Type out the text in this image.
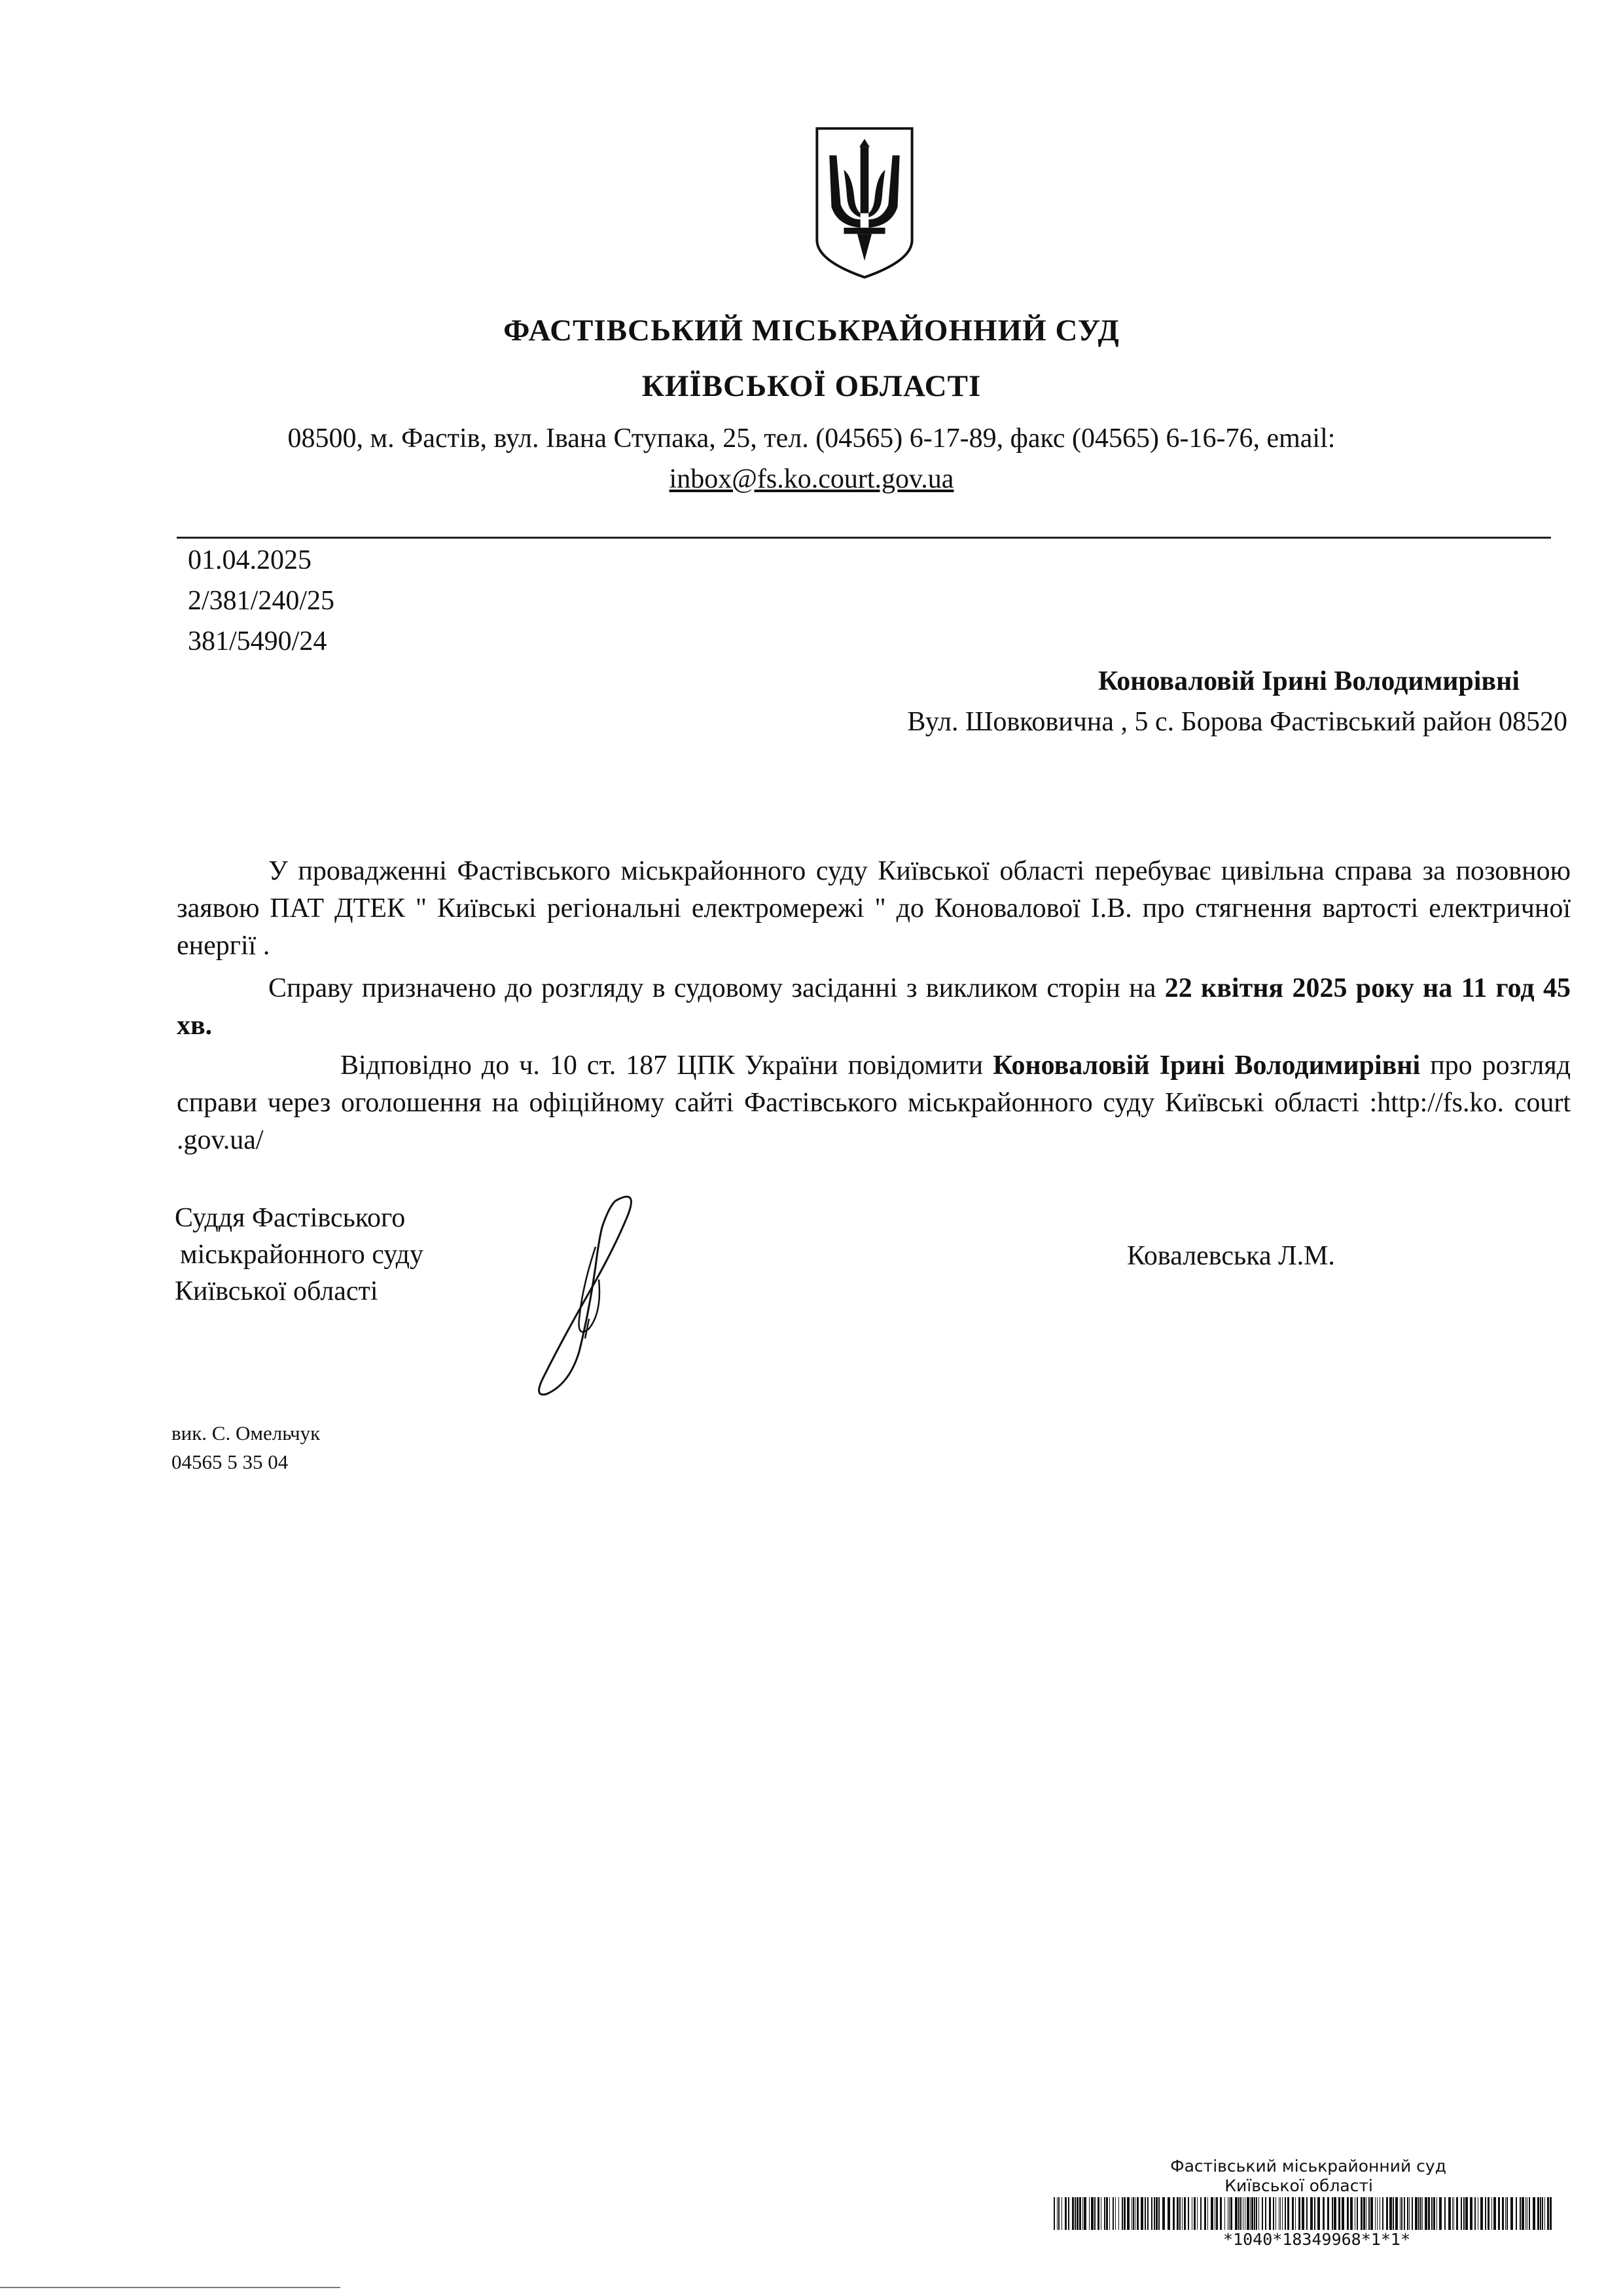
ФАСТІВСЬКИЙ МІСЬКРАЙОННИЙ СУД
КИЇВСЬКОЇ ОБЛАСТІ
08500, м. Фастів, вул. Івана Ступака, 25, тел. (04565) 6-17-89, факс (04565) 6-16-76, email:
inbox@fs.ko.court.gov.ua
01.04.2025
2/381/240/25
381/5490/24
Коноваловій Ірині Володимирівні
Вул. Шовковична , 5 с. Борова Фастівський район 08520
У провадженні Фастівського міськрайонного суду Київської області перебуває цивільна справа за позовною заявою ПАТ ДТЕК " Київські регіональні електромережі " до Коновалової І.В. про стягнення вартості електричної енергії .
Справу призначено до розгляду в судовому засіданні з викликом сторін на 22 квітня 2025 року на 11 год 45 хв.
Відповідно до ч. 10 ст. 187 ЦПК України повідомити Коноваловій Ірині Володимирівні про розгляд справи через оголошення на офіційному сайті Фастівського міськрайонного суду Київські області :http://fs.ko. court .gov.ua/
Суддя Фастівського
міськрайонного суду
Київської області
Ковалевська Л.М.
вик. С. Омельчук
04565 5 35 04
Фастівський міськрайонний суд
Київської області
*1040*18349968*1*1*
